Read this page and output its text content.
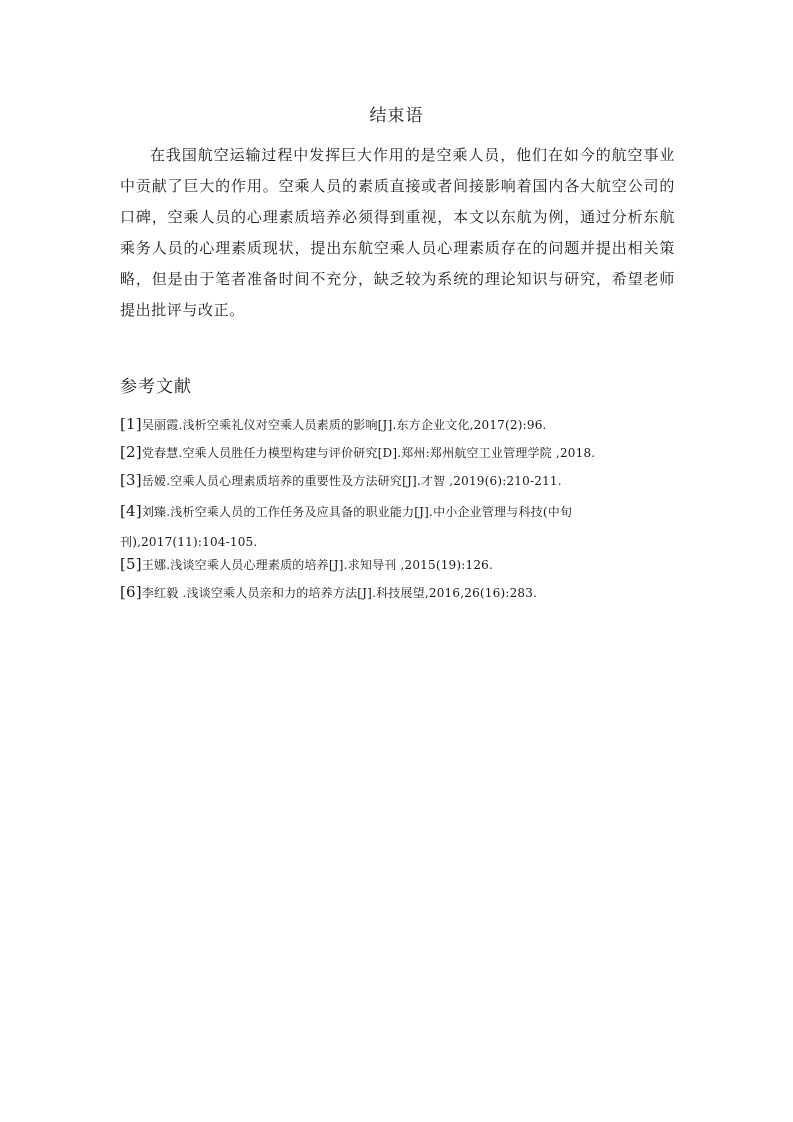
结束语

在我国航空运输过程中发挥巨大作用的是空乘人员，他们在如今的航空事业中贡献了巨大的作用。空乘人员的素质直接或者间接影响着国内各大航空公司的口碑，空乘人员的心理素质培养必须得到重视，本文以东航为例，通过分析东航乘务人员的心理素质现状，提出东航空乘人员心理素质存在的问题并提出相关策略，但是由于笔者准备时间不充分，缺乏较为系统的理论知识与研究，希望老师提出批评与改正。

参考文献
[1]吴丽霞.浅析空乘礼仪对空乘人员素质的影响[J].东方企业文化,2017(2):96.
[2]党春慧.空乘人员胜任力模型构建与评价研究[D].郑州:郑州航空工业管理学院 ,2018.
[3]岳嫒.空乘人员心理素质培养的重要性及方法研究[J].才智 ,2019(6):210-211.
[4]刘臻.浅析空乘人员的工作任务及应具备的职业能力[J].中小企业管理与科技(中旬
刊),2017(11):104-105.
[5]王娜.浅谈空乘人员心理素质的培养[J].求知导刊 ,2015(19):126.
[6]李红毅 .浅谈空乘人员亲和力的培养方法[J].科技展望,2016,26(16):283.
